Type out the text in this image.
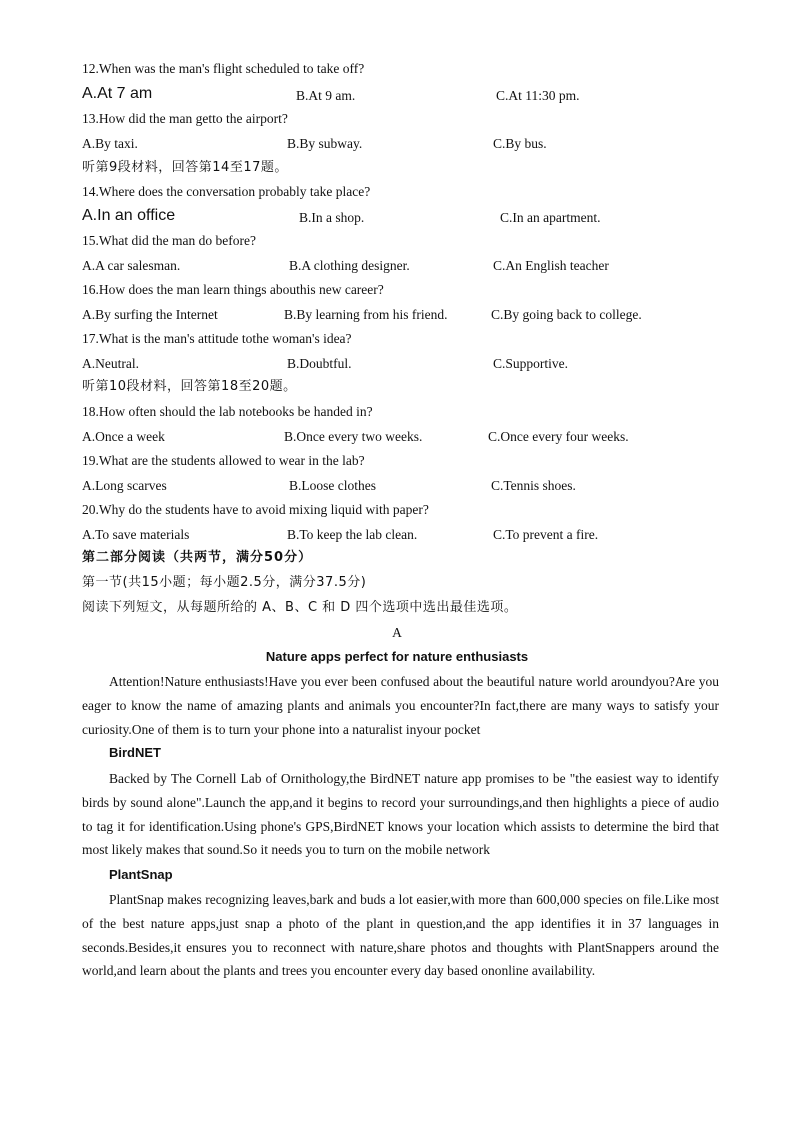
12.When was the man's flight scheduled to take off?
A.At 7 am	B.At 9 am.	C.At 11:30 pm.
13.How did the man getto the airport?
A.By taxi.	B.By subway.	C.By bus.
听第9段材料，回答第14至17题。
14.Where does the conversation probably take place?
A.In an office	B.In a shop.	C.In an apartment.
15.What did the man do before?
A.A car salesman.	B.A clothing designer.	C.An English teacher
16.How does the man learn things abouthis new career?
A.By surfing the Internet	B.By learning from his friend.	C.By going back to college.
17.What is the man's attitude tothe woman's idea?
A.Neutral.	B.Doubtful.	C.Supportive.
听第10段材料，回答第18至20题。
18.How often should the lab notebooks be handed in?
A.Once a week	B.Once every two weeks.	C.Once every four weeks.
19.What are the students allowed to wear in the lab?
A.Long scarves	B.Loose clothes	C.Tennis shoes.
20.Why do the students have to avoid mixing liquid with paper?
A.To save materials	B.To keep the lab clean.	C.To prevent a fire.
第二部分阅读（共两节，满分50分）
第一节(共15小题；每小题2.5分，满分37.5分)
阅读下列短文，从每题所给的 A、B、C 和 D 四个选项中选出最佳选项。
A
Nature apps perfect for nature enthusiasts
Attention!Nature enthusiasts!Have you ever been confused about the beautiful nature world aroundyou?Are you eager to know the name of amazing plants and animals you encounter?In fact,there are many ways to satisfy your curiosity.One of them is to turn your phone into a naturalist inyour pocket
BirdNET
Backed by The Cornell Lab of Ornithology,the BirdNET nature app promises to be "the easiest way to identify birds by sound alone".Launch the app,and it begins to record your surroundings,and then highlights a piece of audio to tag it for identification.Using phone's GPS,BirdNET knows your location which assists to determine the bird that most likely makes that sound.So it needs you to turn on the mobile network
PlantSnap
PlantSnap makes recognizing leaves,bark and buds a lot easier,with more than 600,000 species on file.Like most of the best nature apps,just snap a photo of the plant in question,and the app identifies it in 37 languages in seconds.Besides,it ensures you to reconnect with nature,share photos and thoughts with PlantSnappers around the world,and learn about the plants and trees you encounter every day based ononline availability.
